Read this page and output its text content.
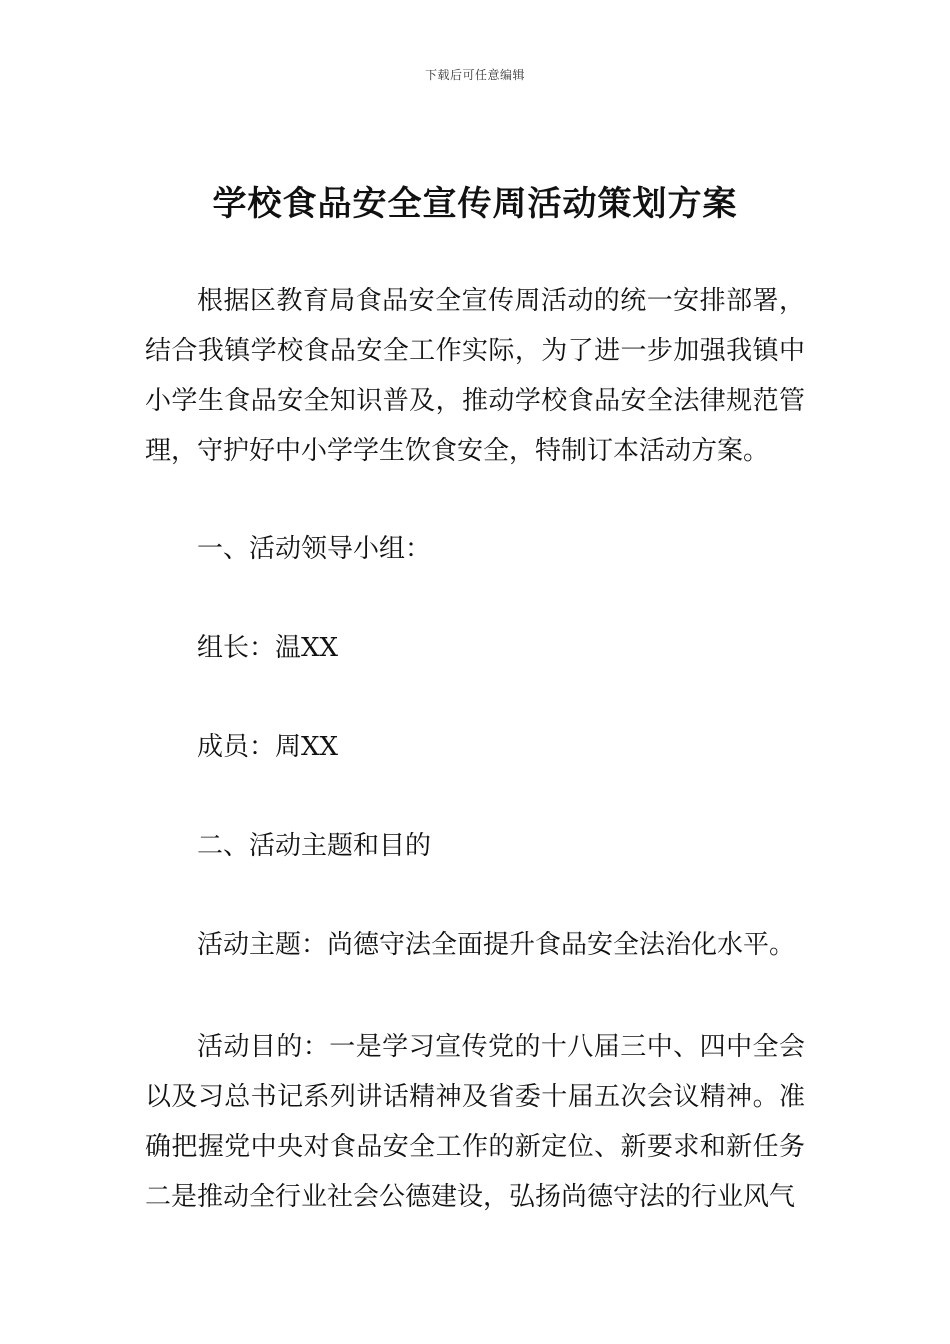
下载后可任意编辑
学校食品安全宣传周活动策划方案

根据区教育局食品安全宣传周活动的统一安排部署，结合我镇学校食品安全工作实际，为了进一步加强我镇中小学生食品安全知识普及，推动学校食品安全法律规范管理，守护好中小学学生饮食安全，特制订本活动方案。

一、活动领导小组：

组长：温XX

成员：周XX

二、活动主题和目的

活动主题：尚德守法全面提升食品安全法治化水平。

活动目的：一是学习宣传党的十八届三中、四中全会以及习总书记系列讲话精神及省委十届五次会议精神。准确把握党中央对食品安全工作的新定位、新要求和新任务二是推动全行业社会公德建设，弘扬尚德守法的行业风气
